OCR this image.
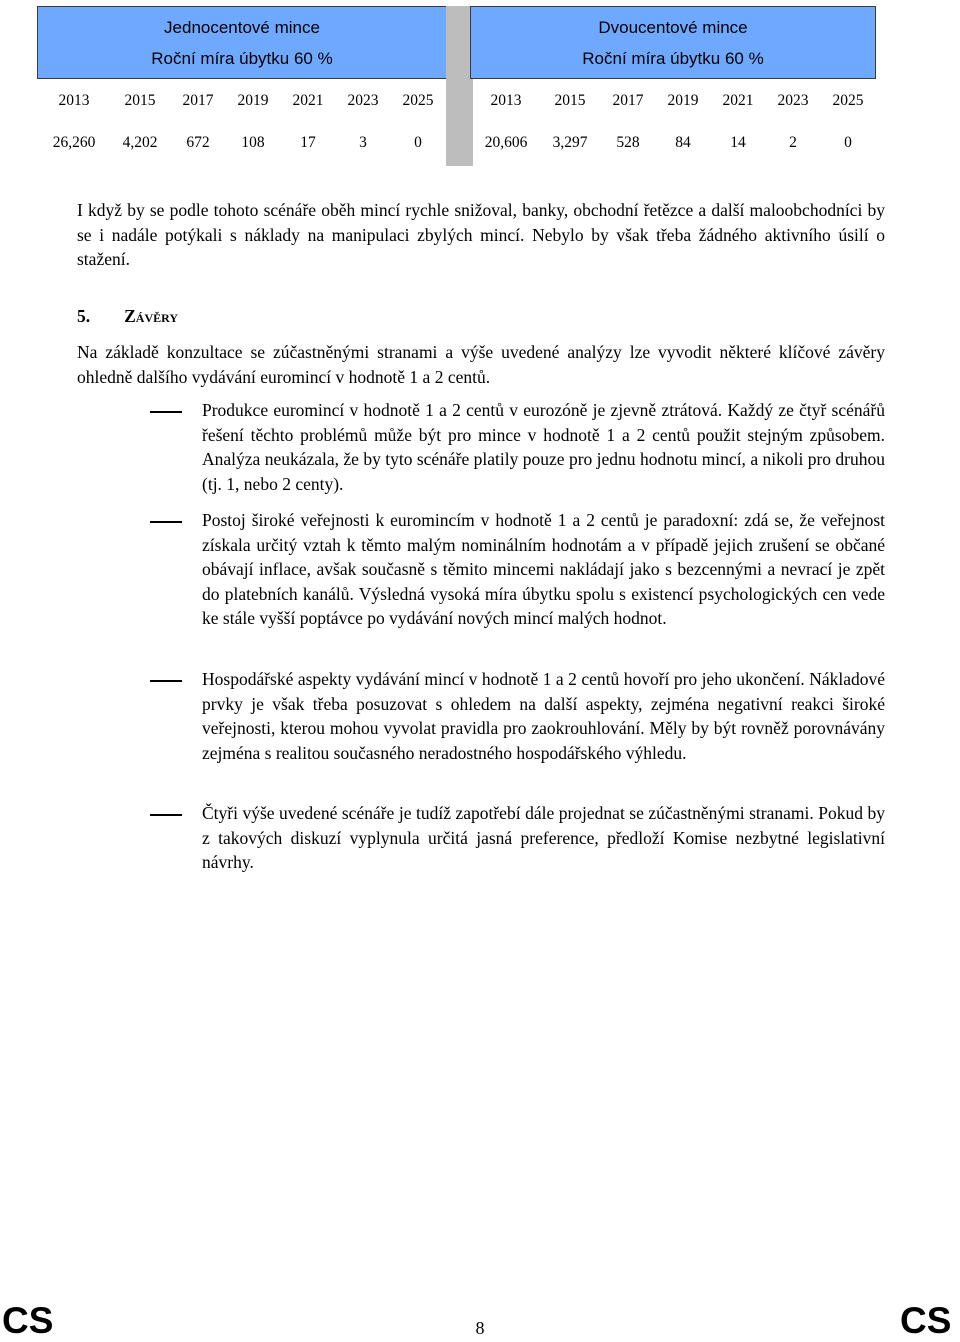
Jednocentové mince
Roční míra úbytku 60 %
Dvoucentové mince
Roční míra úbytku 60 %
2013	2015	2017	2019	2021	2023	2025
26,260	4,202	672	108	17	3	0
2013	2015	2017	2019	2021	2023	2025
20,606	3,297	528	84	14	2	0
I když by se podle tohoto scénáře oběh mincí rychle snižoval, banky, obchodní řetězce a další maloobchodníci by se i nadále potýkali s náklady na manipulaci zbylých mincí. Nebylo by však třeba žádného aktivního úsilí o stažení.
5. Závěry
Na základě konzultace se zúčastněnými stranami a výše uvedené analýzy lze vyvodit některé klíčové závěry ohledně dalšího vydávání euromincí v hodnotě 1 a 2 centů.
Produkce euromincí v hodnotě 1 a 2 centů v eurozóně je zjevně ztrátová. Každý ze čtyř scénářů řešení těchto problémů může být pro mince v hodnotě 1 a 2 centů použit stejným způsobem. Analýza neukázala, že by tyto scénáře platily pouze pro jednu hodnotu mincí, a nikoli pro druhou (tj. 1, nebo 2 centy).
Postoj široké veřejnosti k euromincím v hodnotě 1 a 2 centů je paradoxní: zdá se, že veřejnost získala určitý vztah k těmto malým nominálním hodnotám a v případě jejich zrušení se občané obávají inflace, avšak současně s těmito mincemi nakládají jako s bezcennými a nevrací je zpět do platebních kanálů. Výsledná vysoká míra úbytku spolu s existencí psychologických cen vede ke stále vyšší poptávce po vydávání nových mincí malých hodnot.
Hospodářské aspekty vydávání mincí v hodnotě 1 a 2 centů hovoří pro jeho ukončení. Nákladové prvky je však třeba posuzovat s ohledem na další aspekty, zejména negativní reakci široké veřejnosti, kterou mohou vyvolat pravidla pro zaokrouhlování. Měly by být rovněž porovnávány zejména s realitou současného neradostného hospodářského výhledu.
Čtyři výše uvedené scénáře je tudíž zapotřebí dále projednat se zúčastněnými stranami. Pokud by z takových diskuzí vyplynula určitá jasná preference, předloží Komise nezbytné legislativní návrhy.
CS	8	CS
